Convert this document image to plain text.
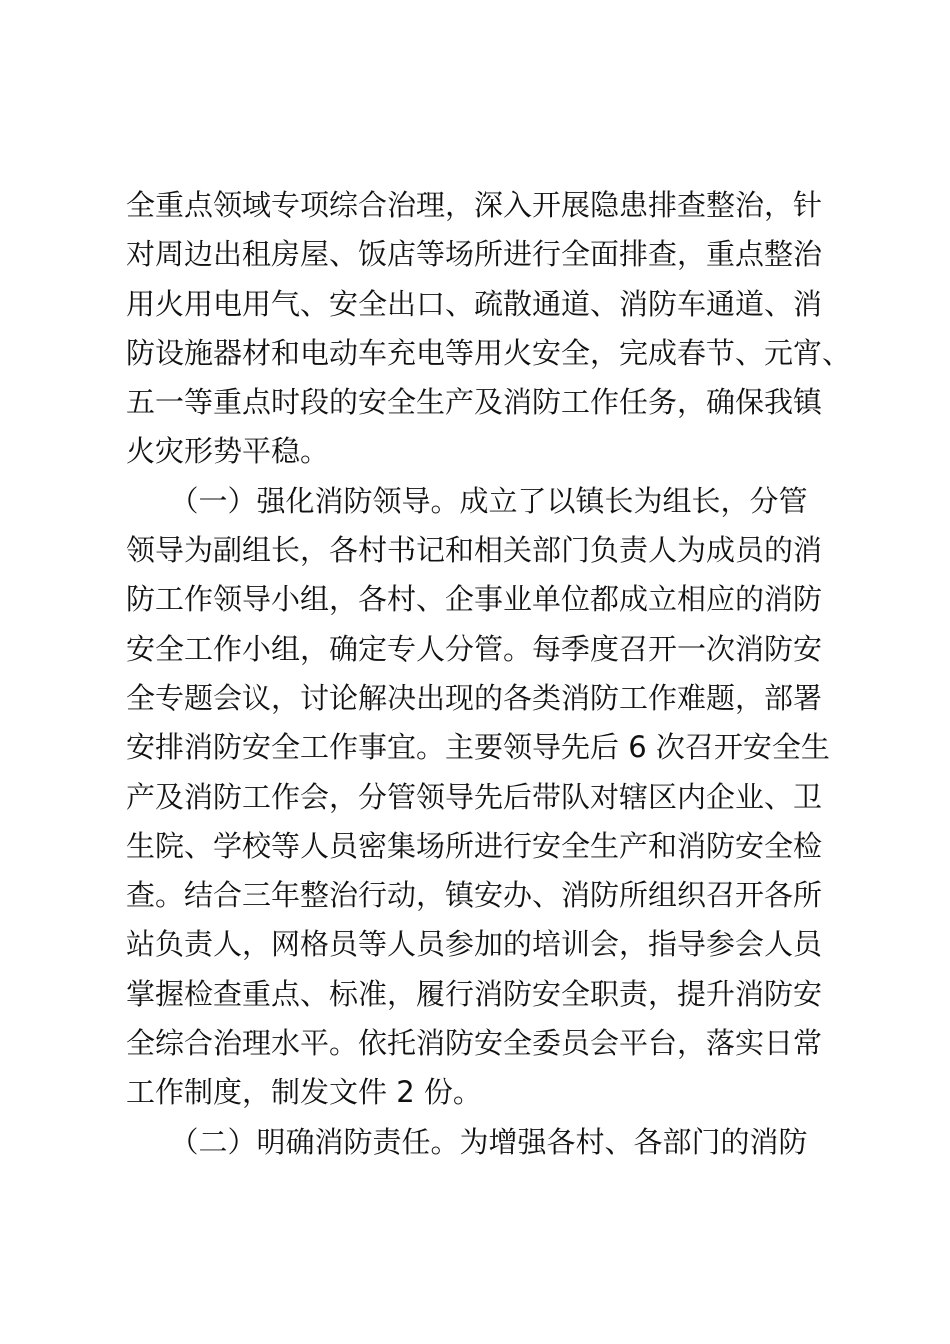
全重点领域专项综合治理，深入开展隐患排查整治，针
对周边出租房屋、饭店等场所进行全面排查，重点整治
用火用电用气、安全出口、疏散通道、消防车通道、消
防设施器材和电动车充电等用火安全，完成春节、元宵、
五一等重点时段的安全生产及消防工作任务，确保我镇
火灾形势平稳。
　　（一）强化消防领导。成立了以镇长为组长，分管
领导为副组长，各村书记和相关部门负责人为成员的消
防工作领导小组，各村、企事业单位都成立相应的消防
安全工作小组，确定专人分管。每季度召开一次消防安
全专题会议，讨论解决出现的各类消防工作难题，部署
安排消防安全工作事宜。主要领导先后 6 次召开安全生
产及消防工作会，分管领导先后带队对辖区内企业、卫
生院、学校等人员密集场所进行安全生产和消防安全检
查。结合三年整治行动，镇安办、消防所组织召开各所
站负责人，网格员等人员参加的培训会，指导参会人员
掌握检查重点、标准，履行消防安全职责，提升消防安
全综合治理水平。依托消防安全委员会平台，落实日常
工作制度，制发文件 2 份。
　　（二）明确消防责任。为增强各村、各部门的消防
